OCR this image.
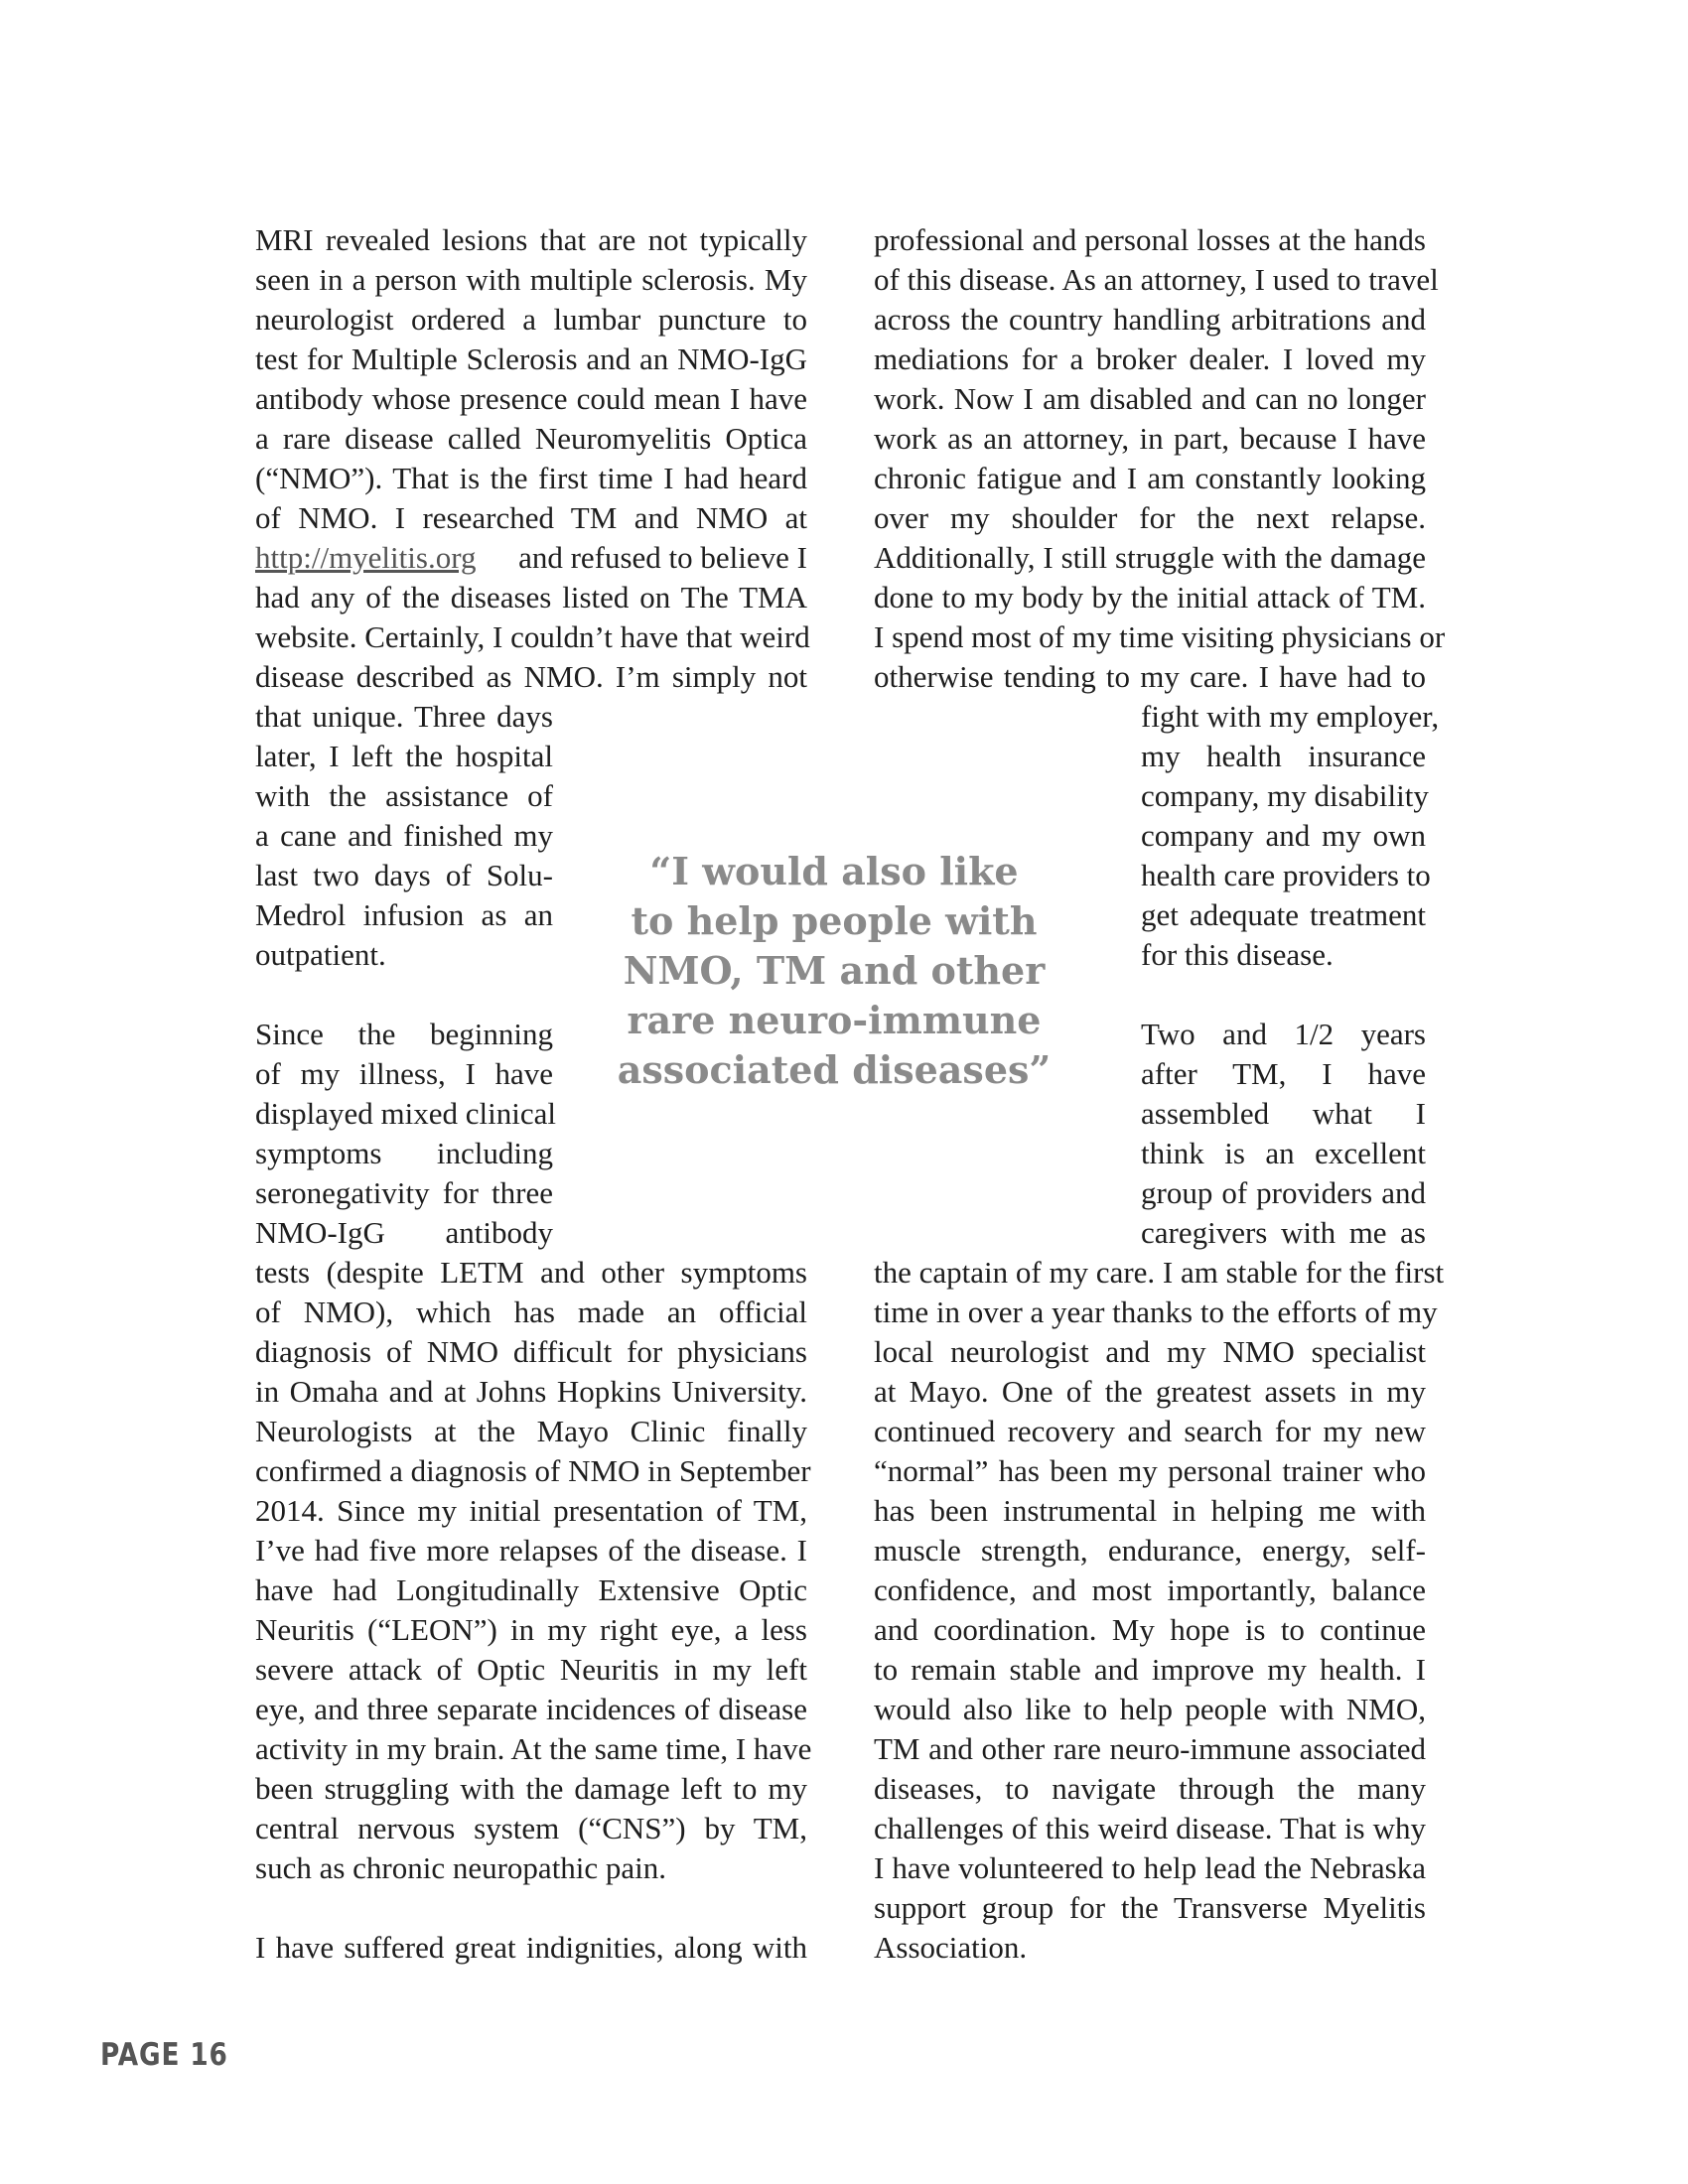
MRI revealed lesions that are not typically
seen in a person with multiple sclerosis. My
neurologist ordered a lumbar puncture to
test for Multiple Sclerosis and an NMO-IgG
antibody whose presence could mean I have
a rare disease called Neuromyelitis Optica
(“NMO”). That is the first time I had heard
of NMO. I researched TM and NMO at
http://myelitis.org and refused to believe I
had any of the diseases listed on The TMA
website. Certainly, I couldn’t have that weird
disease described as NMO. I’m simply not
that unique. Three days
later, I left the hospital
with the assistance of
a cane and finished my
last two days of Solu-
Medrol infusion as an
outpatient.
Since the beginning
of my illness, I have
displayed mixed clinical
symptoms including
seronegativity for three
NMO-IgG antibody
tests (despite LETM and other symptoms
of NMO), which has made an official
diagnosis of NMO difficult for physicians
in Omaha and at Johns Hopkins University.
Neurologists at the Mayo Clinic finally
confirmed a diagnosis of NMO in September
2014. Since my initial presentation of TM,
I’ve had five more relapses of the disease. I
have had Longitudinally Extensive Optic
Neuritis (“LEON”) in my right eye, a less
severe attack of Optic Neuritis in my left
eye, and three separate incidences of disease
activity in my brain. At the same time, I have
been struggling with the damage left to my
central nervous system (“CNS”) by TM,
such as chronic neuropathic pain.
I have suffered great indignities, along with
professional and personal losses at the hands
of this disease. As an attorney, I used to travel
across the country handling arbitrations and
mediations for a broker dealer. I loved my
work. Now I am disabled and can no longer
work as an attorney, in part, because I have
chronic fatigue and I am constantly looking
over my shoulder for the next relapse.
Additionally, I still struggle with the damage
done to my body by the initial attack of TM.
I spend most of my time visiting physicians or
otherwise tending to my care. I have had to
fight with my employer,
my health insurance
company, my disability
company and my own
health care providers to
get adequate treatment
for this disease.
Two and 1/2 years
after TM, I have
assembled what I
think is an excellent
group of providers and
caregivers with me as
the captain of my care. I am stable for the first
time in over a year thanks to the efforts of my
local neurologist and my NMO specialist
at Mayo. One of the greatest assets in my
continued recovery and search for my new
“normal” has been my personal trainer who
has been instrumental in helping me with
muscle strength, endurance, energy, self-
confidence, and most importantly, balance
and coordination. My hope is to continue
to remain stable and improve my health. I
would also like to help people with NMO,
TM and other rare neuro-immune associated
diseases, to navigate through the many
challenges of this weird disease. That is why
I have volunteered to help lead the Nebraska
support group for the Transverse Myelitis
Association.
“I would also like
to help people with
NMO, TM and other
rare neuro-immune
associated diseases”
PAGE 16
